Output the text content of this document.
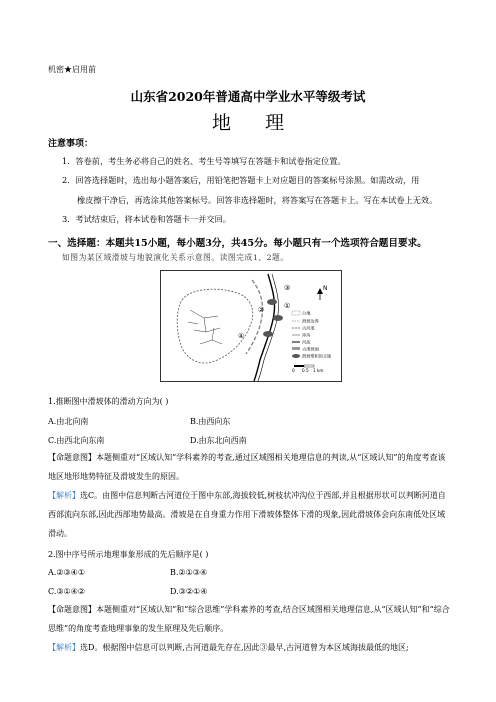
机密★启用前
山东省2020年普通高中学业水平等级考试
地 理
注意事项：
1．答卷前，考生务必将自己的姓名、考生号等填写在答题卡和试卷指定位置。
2．回答选择题时，选出每小题答案后，用铅笔把答题卡上对应题目的答案标号涂黑。如需改动，用
橡皮擦干净后，再选涂其他答案标号。回答非选择题时，将答案写在答题卡上。写在本试卷上无效。
3．考试结束后，将本试卷和答题卡一并交回。
一、选择题：本题共15小题，每小题3分，共45分。每小题只有一个选项符合题目要求。
如图为某区域滑坡与地貌演化关系示意图。读图完成1、2题。
③
②	①
④
N
台地
滑坡边界
古河道
冲沟
河流
古滑坡面
滑坡堆积的丘陵
0 0.5 1 km
1.推断图中滑坡体的滑动方向为( )
A.由北向南	B.由西向东
C.由西北向东南	D.由东北向西南
【命题意图】本题侧重对“区域认知”学科素养的考查,通过区域图相关地理信息的判读,从“区域认知”的角度考查该地区地形地势特征及滑坡发生的原因。
【解析】选C。由图中信息判断古河道位于图中东部,海拔较低,树枝状冲沟位于西部,并且根据形状可以判断河道自西部流向东部,因此西部地势最高。滑坡是在自身重力作用下滑坡体整体下滑的现象,因此滑坡体会向东南低处区域滑动。
2.图中序号所示地理事象形成的先后顺序是( )
A.②③④①	B.②①③④
C.③①④②	D.③②①④
【命题意图】本题侧重对“区域认知”和“综合思维”学科素养的考查,结合区域图相关地理信息,从“区域认知”和“综合思维”的角度考查地理事象的发生原理及先后顺序。
【解析】选D。根据图中信息可以判断,古河道最先存在,因此③最早,古河道曾为本区域海拔最低的地区;
